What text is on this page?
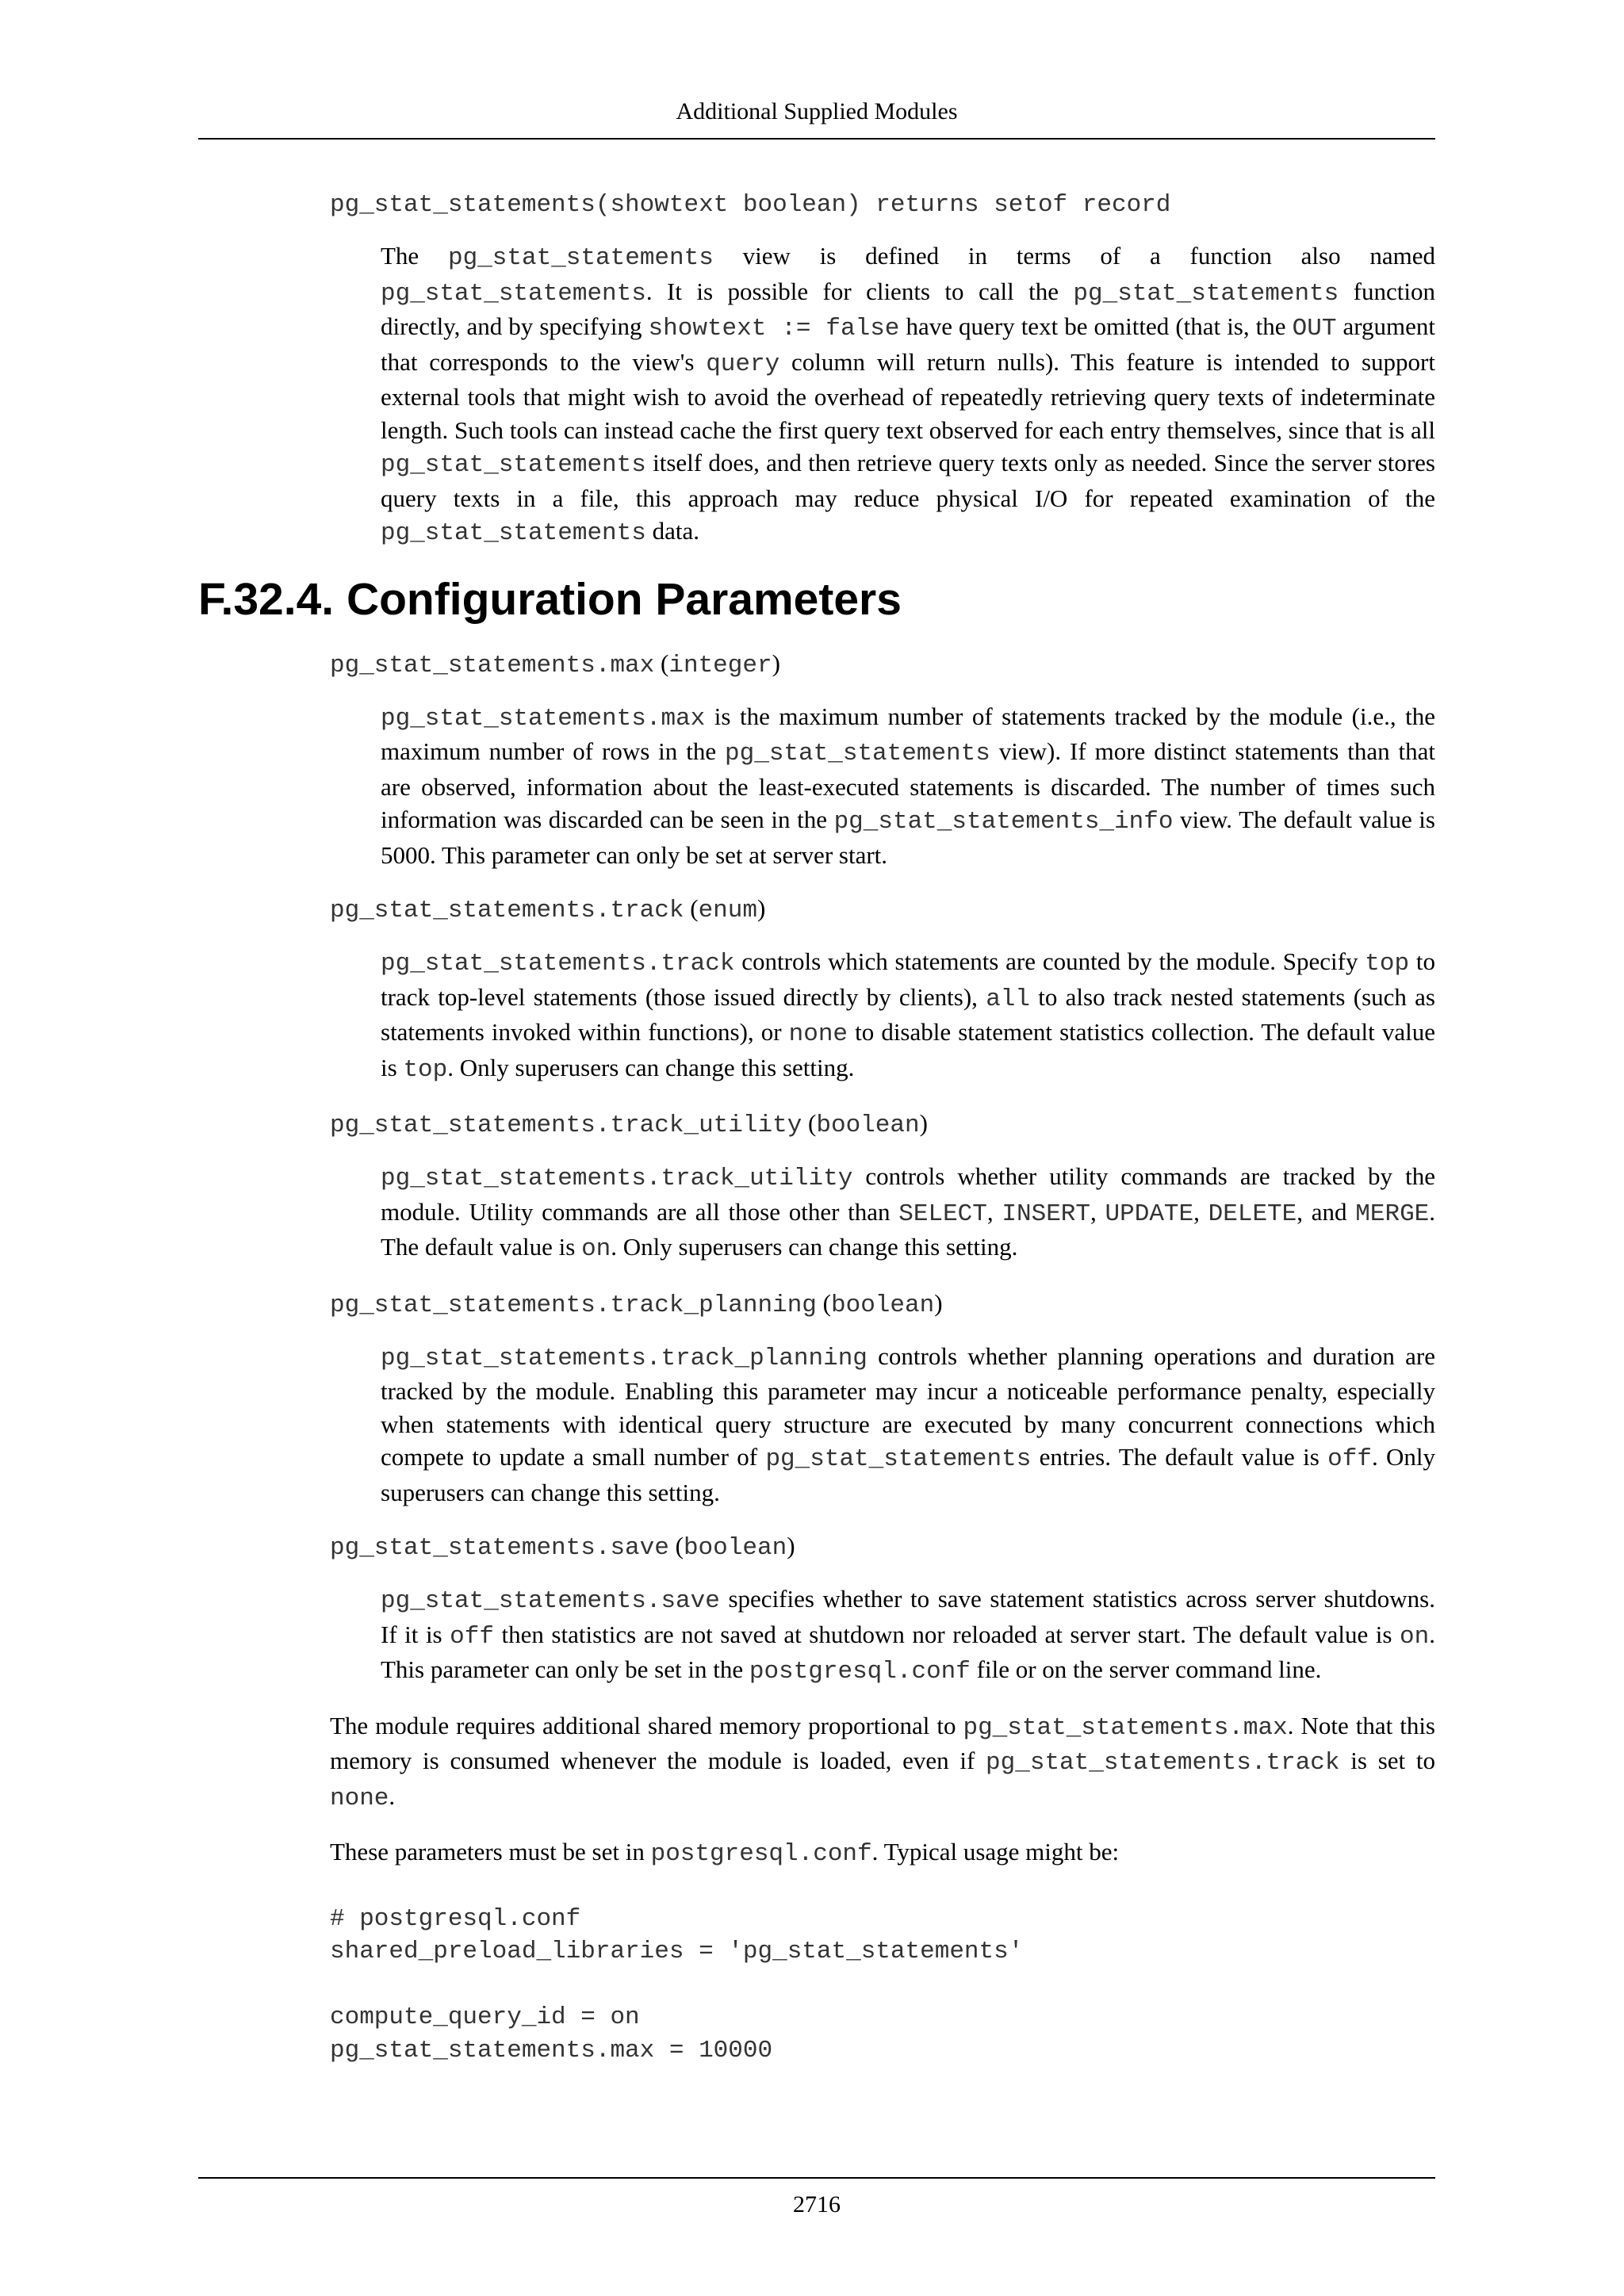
Additional Supplied Modules
pg_stat_statements(showtext boolean) returns setof record
The pg_stat_statements view is defined in terms of a function also named pg_stat_statements. It is possible for clients to call the pg_stat_statements function directly, and by specifying showtext := false have query text be omitted (that is, the OUT argument that corresponds to the view's query column will return nulls). This feature is intended to support external tools that might wish to avoid the overhead of repeatedly retrieving query texts of indeterminate length. Such tools can instead cache the first query text observed for each entry themselves, since that is all pg_stat_statements itself does, and then retrieve query texts only as needed. Since the server stores query texts in a file, this approach may reduce physical I/O for repeated examination of the pg_stat_statements data.
F.32.4. Configuration Parameters
pg_stat_statements.max (integer)
pg_stat_statements.max is the maximum number of statements tracked by the module (i.e., the maximum number of rows in the pg_stat_statements view). If more distinct statements than that are observed, information about the least-executed statements is discarded. The number of times such information was discarded can be seen in the pg_stat_statements_info view. The default value is 5000. This parameter can only be set at server start.
pg_stat_statements.track (enum)
pg_stat_statements.track controls which statements are counted by the module. Specify top to track top-level statements (those issued directly by clients), all to also track nested statements (such as statements invoked within functions), or none to disable statement statistics collection. The default value is top. Only superusers can change this setting.
pg_stat_statements.track_utility (boolean)
pg_stat_statements.track_utility controls whether utility commands are tracked by the module. Utility commands are all those other than SELECT, INSERT, UPDATE, DELETE, and MERGE. The default value is on. Only superusers can change this setting.
pg_stat_statements.track_planning (boolean)
pg_stat_statements.track_planning controls whether planning operations and duration are tracked by the module. Enabling this parameter may incur a noticeable performance penalty, especially when statements with identical query structure are executed by many concurrent connections which compete to update a small number of pg_stat_statements entries. The default value is off. Only superusers can change this setting.
pg_stat_statements.save (boolean)
pg_stat_statements.save specifies whether to save statement statistics across server shutdowns. If it is off then statistics are not saved at shutdown nor reloaded at server start. The default value is on. This parameter can only be set in the postgresql.conf file or on the server command line.
The module requires additional shared memory proportional to pg_stat_statements.max. Note that this memory is consumed whenever the module is loaded, even if pg_stat_statements.track is set to none.
These parameters must be set in postgresql.conf. Typical usage might be:
# postgresql.conf
shared_preload_libraries = 'pg_stat_statements'

compute_query_id = on
pg_stat_statements.max = 10000
2716
